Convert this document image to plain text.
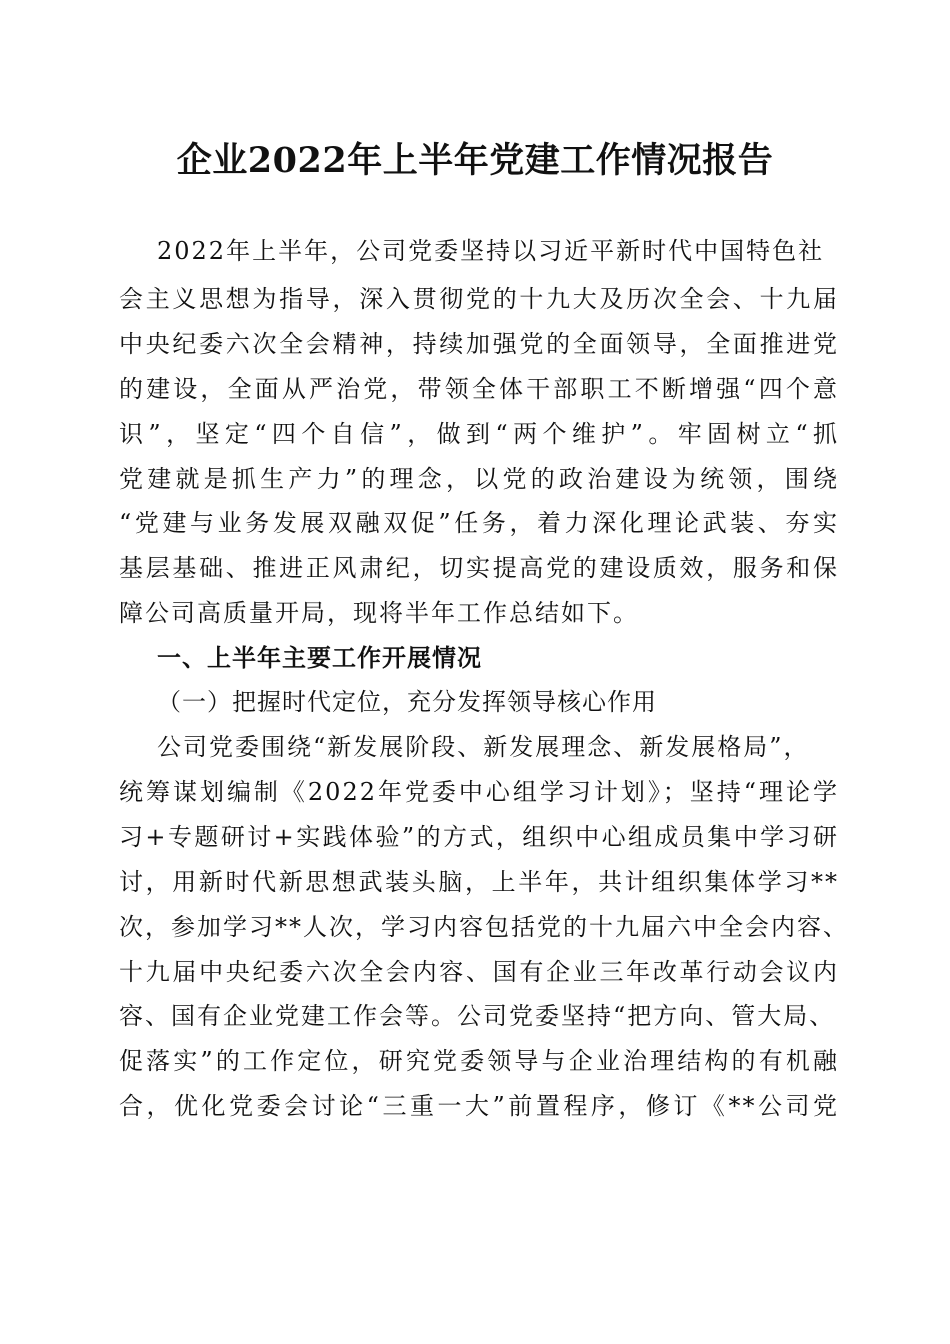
企业2022年上半年党建工作情况报告
2022年上半年，公司党委坚持以习近平新时代中国特色社
会主义思想为指导，深入贯彻党的十九大及历次全会、十九届
中央纪委六次全会精神，持续加强党的全面领导，全面推进党
的建设，全面从严治党，带领全体干部职工不断增强“四个意
识”，坚定“四个自信”，做到“两个维护”。牢固树立“抓
党建就是抓生产力”的理念，以党的政治建设为统领，围绕
“党建与业务发展双融双促”任务，着力深化理论武装、夯实
基层基础、推进正风肃纪，切实提高党的建设质效，服务和保
障公司高质量开局，现将半年工作总结如下。
一、上半年主要工作开展情况
（一）把握时代定位，充分发挥领导核心作用
公司党委围绕“新发展阶段、新发展理念、新发展格局”，
统筹谋划编制《2022年党委中心组学习计划》；坚持“理论学
习+专题研讨+实践体验”的方式，组织中心组成员集中学习研
讨，用新时代新思想武装头脑，上半年，共计组织集体学习**
次，参加学习**人次，学习内容包括党的十九届六中全会内容、
十九届中央纪委六次全会内容、国有企业三年改革行动会议内
容、国有企业党建工作会等。公司党委坚持“把方向、管大局、
促落实”的工作定位，研究党委领导与企业治理结构的有机融
合，优化党委会讨论“三重一大”前置程序，修订《**公司党
